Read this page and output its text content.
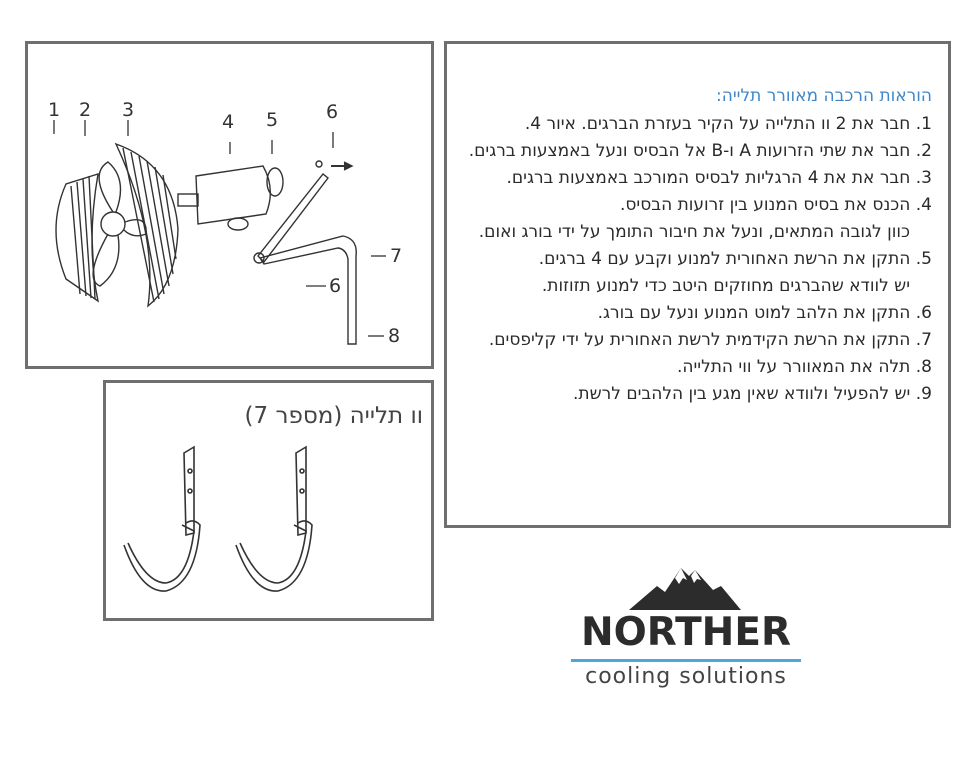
1 2 3
4 5	6
7
6
8
וו תלייה (מספר 7)
הוראות הרכבה מאוורר תלייה:
1. חבר את 2 וו התלייה על הקיר בעזרת הברגים. איור 4.
2. חבר את שתי הזרועות A ו-B אל הבסיס ונעל באמצעות ברגים.
3. חבר את את 4 הרגליות לבסיס המורכב באמצעות ברגים.
4. הכנס את בסיס המנוע בין זרועות הבסיס.
כוון לגובה המתאים, ונעל את חיבור התומך על ידי בורג ואום.
5. התקן את הרשת האחורית למנוע וקבע עם 4 ברגים.
יש לוודא שהברגים מחוזקים היטב כדי למנוע תזוזות.
6. התקן את הלהב למוט המנוע ונעל עם בורג.
7. התקן את הרשת הקידמית לרשת האחורית על ידי קליפסים.
8. תלה את המאוורר על ווי התלייה.
9. יש להפעיל ולוודא שאין מגע בין הלהבים לרשת.
NORTHER
cooling solutions
